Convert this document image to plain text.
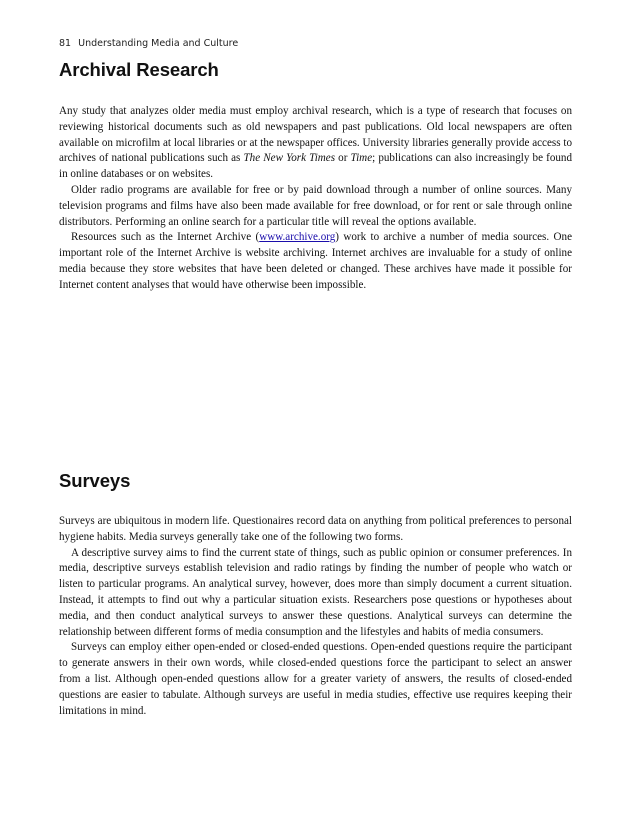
81 Understanding Media and Culture
Archival Research

Any study that analyzes older media must employ archival research, which is a type of research that focuses on reviewing historical documents such as old newspapers and past publications. Old local newspapers are often available on microfilm at local libraries or at the newspaper offices. University libraries generally provide access to archives of national publications such as The New York Times or Time; publications can also increasingly be found in online databases or on websites.

Older radio programs are available for free or by paid download through a number of online sources. Many television programs and films have also been made available for free download, or for rent or sale through online distributors. Performing an online search for a particular title will reveal the options available.

Resources such as the Internet Archive (www.archive.org) work to archive a number of media sources. One important role of the Internet Archive is website archiving. Internet archives are invaluable for a study of online media because they store websites that have been deleted or changed. These archives have made it possible for Internet content analyses that would have otherwise been impossible.

Surveys

Surveys are ubiquitous in modern life. Questionaires record data on anything from political preferences to personal hygiene habits. Media surveys generally take one of the following two forms.

A descriptive survey aims to find the current state of things, such as public opinion or consumer preferences. In media, descriptive surveys establish television and radio ratings by finding the number of people who watch or listen to particular programs. An analytical survey, however, does more than simply document a current situation. Instead, it attempts to find out why a particular situation exists. Researchers pose questions or hypotheses about media, and then conduct analytical surveys to answer these questions. Analytical surveys can determine the relationship between different forms of media consumption and the lifestyles and habits of media consumers.

Surveys can employ either open-ended or closed-ended questions. Open-ended questions require the participant to generate answers in their own words, while closed-ended questions force the participant to select an answer from a list. Although open-ended questions allow for a greater variety of answers, the results of closed-ended questions are easier to tabulate. Although surveys are useful in media studies, effective use requires keeping their limitations in mind.
